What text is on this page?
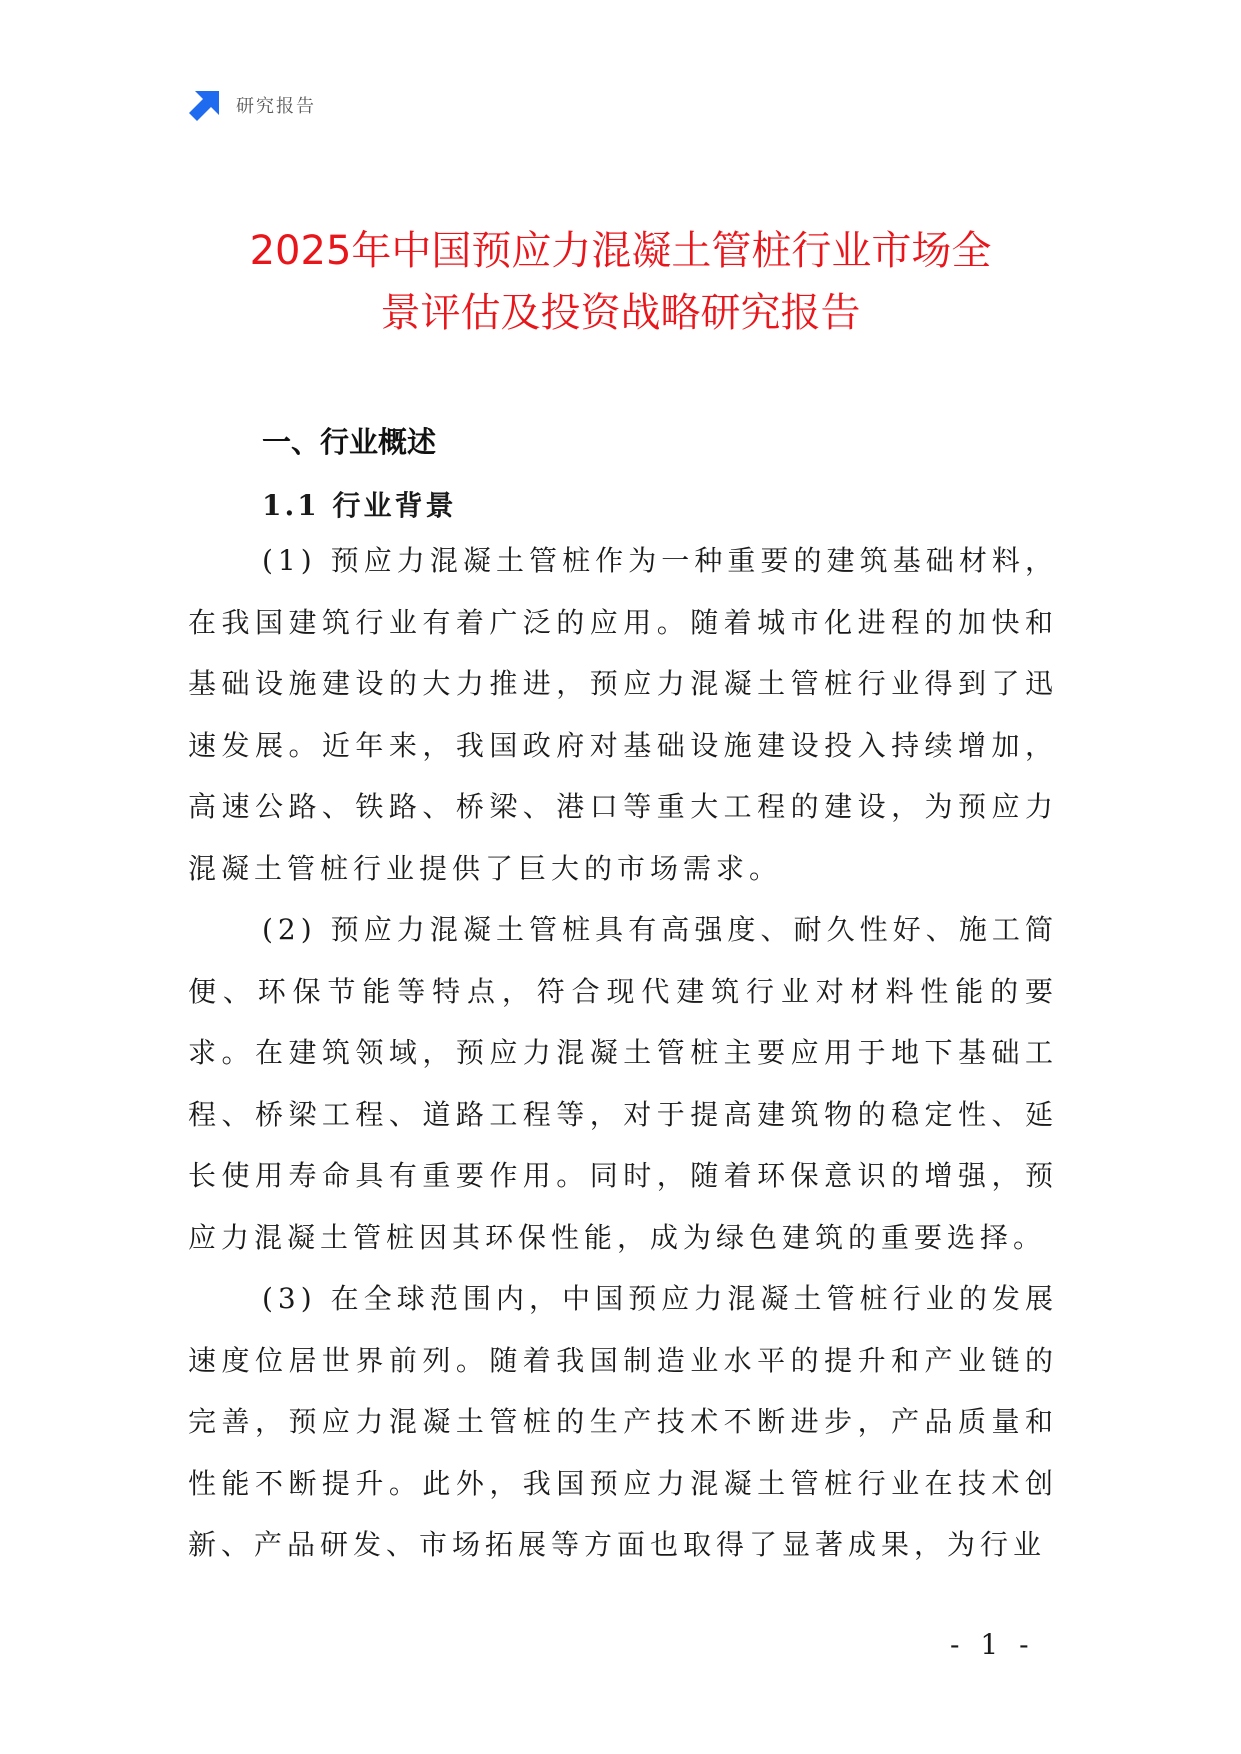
研究报告
2025年中国预应力混凝土管桩行业市场全
景评估及投资战略研究报告
一、行业概述
1.1 行业背景

(1) 预应力混凝土管桩作为一种重要的建筑基础材料，在我国建筑行业有着广泛的应用。随着城市化进程的加快和基础设施建设的大力推进，预应力混凝土管桩行业得到了迅速发展。近年来，我国政府对基础设施建设投入持续增加，高速公路、铁路、桥梁、港口等重大工程的建设，为预应力混凝土管桩行业提供了巨大的市场需求。

(2) 预应力混凝土管桩具有高强度、耐久性好、施工简便、环保节能等特点，符合现代建筑行业对材料性能的要求。在建筑领域，预应力混凝土管桩主要应用于地下基础工程、桥梁工程、道路工程等，对于提高建筑物的稳定性、延长使用寿命具有重要作用。同时，随着环保意识的增强，预应力混凝土管桩因其环保性能，成为绿色建筑的重要选择。

(3) 在全球范围内，中国预应力混凝土管桩行业的发展速度位居世界前列。随着我国制造业水平的提升和产业链的完善，预应力混凝土管桩的生产技术不断进步，产品质量和性能不断提升。此外，我国预应力混凝土管桩行业在技术创新、产品研发、市场拓展等方面也取得了显著成果，为行业

- 1 -
